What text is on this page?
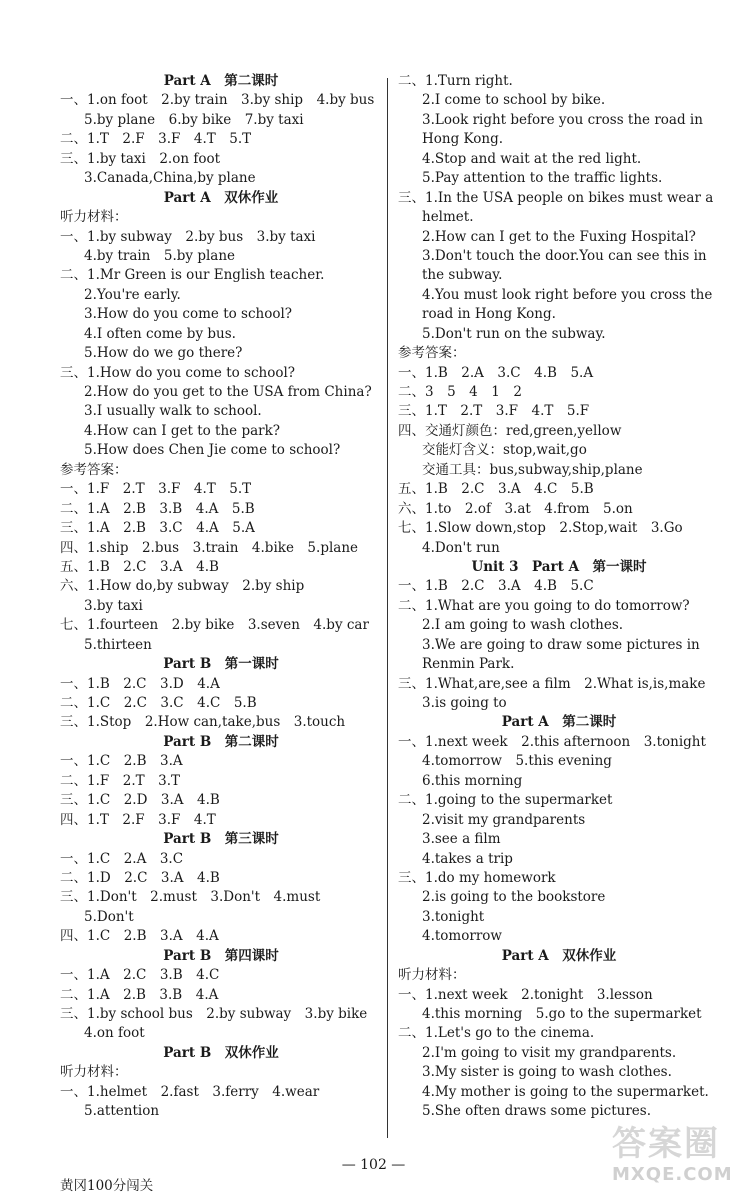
Part A　第二课时
一、1.on foot　2.by train　3.by ship　4.by bus
5.by plane　6.by bike　7.by taxi
二、1.T　2.F　3.F　4.T　5.T
三、1.by taxi　2.on foot
3.Canada,China,by plane
Part A　双休作业
听力材料：
一、1.by subway　2.by bus　3.by taxi
4.by train　5.by plane
二、1.Mr Green is our English teacher.
2.You're early.
3.How do you come to school?
4.I often come by bus.
5.How do we go there?
三、1.How do you come to school?
2.How do you get to the USA from China?
3.I usually walk to school.
4.How can I get to the park?
5.How does Chen Jie come to school?
参考答案：
一、1.F　2.T　3.F　4.T　5.T
二、1.A　2.B　3.B　4.A　5.B
三、1.A　2.B　3.C　4.A　5.A
四、1.ship　2.bus　3.train　4.bike　5.plane
五、1.B　2.C　3.A　4.B
六、1.How do,by subway　2.by ship
3.by taxi
七、1.fourteen　2.by bike　3.seven　4.by car
5.thirteen
Part B　第一课时
一、1.B　2.C　3.D　4.A
二、1.C　2.C　3.C　4.C　5.B
三、1.Stop　2.How can,take,bus　3.touch
Part B　第二课时
一、1.C　2.B　3.A
二、1.F　2.T　3.T
三、1.C　2.D　3.A　4.B
四、1.T　2.F　3.F　4.T
Part B　第三课时
一、1.C　2.A　3.C
二、1.D　2.C　3.A　4.B
三、1.Don't　2.must　3.Don't　4.must
5.Don't
四、1.C　2.B　3.A　4.A
Part B　第四课时
一、1.A　2.C　3.B　4.C
二、1.A　2.B　3.B　4.A
三、1.by school bus　2.by subway　3.by bike
4.on foot
Part B　双休作业
听力材料：
一、1.helmet　2.fast　3.ferry　4.wear
5.attention
二、1.Turn right.
2.I come to school by bike.
3.Look right before you cross the road in
Hong Kong.
4.Stop and wait at the red light.
5.Pay attention to the traffic lights.
三、1.In the USA people on bikes must wear a
helmet.
2.How can I get to the Fuxing Hospital?
3.Don't touch the door.You can see this in
the subway.
4.You must look right before you cross the
road in Hong Kong.
5.Don't run on the subway.
参考答案：
一、1.B　2.A　3.C　4.B　5.A
二、3　5　4　1　2
三、1.T　2.T　3.F　4.T　5.F
四、交通灯颜色：red,green,yellow
交能灯含义：stop,wait,go
交通工具：bus,subway,ship,plane
五、1.B　2.C　3.A　4.C　5.B
六、1.to　2.of　3.at　4.from　5.on
七、1.Slow down,stop　2.Stop,wait　3.Go
4.Don't run
Unit 3　Part A　第一课时
一、1.B　2.C　3.A　4.B　5.C
二、1.What are you going to do tomorrow?
2.I am going to wash clothes.
3.We are going to draw some pictures in
Renmin Park.
三、1.What,are,see a film　2.What is,is,make
3.is going to
Part A　第二课时
一、1.next week　2.this afternoon　3.tonight
4.tomorrow　5.this evening
6.this morning
二、1.going to the supermarket
2.visit my grandparents
3.see a film
4.takes a trip
三、1.do my homework
2.is going to the bookstore
3.tonight
4.tomorrow
Part A　双休作业
听力材料：
一、1.next week　2.tonight　3.lesson
4.this morning　5.go to the supermarket
二、1.Let's go to the cinema.
2.I'm going to visit my grandparents.
3.My sister is going to wash clothes.
4.My mother is going to the supermarket.
5.She often draws some pictures.
— 102 —
黄冈100分闯关
答案圈
MXQE.COM
